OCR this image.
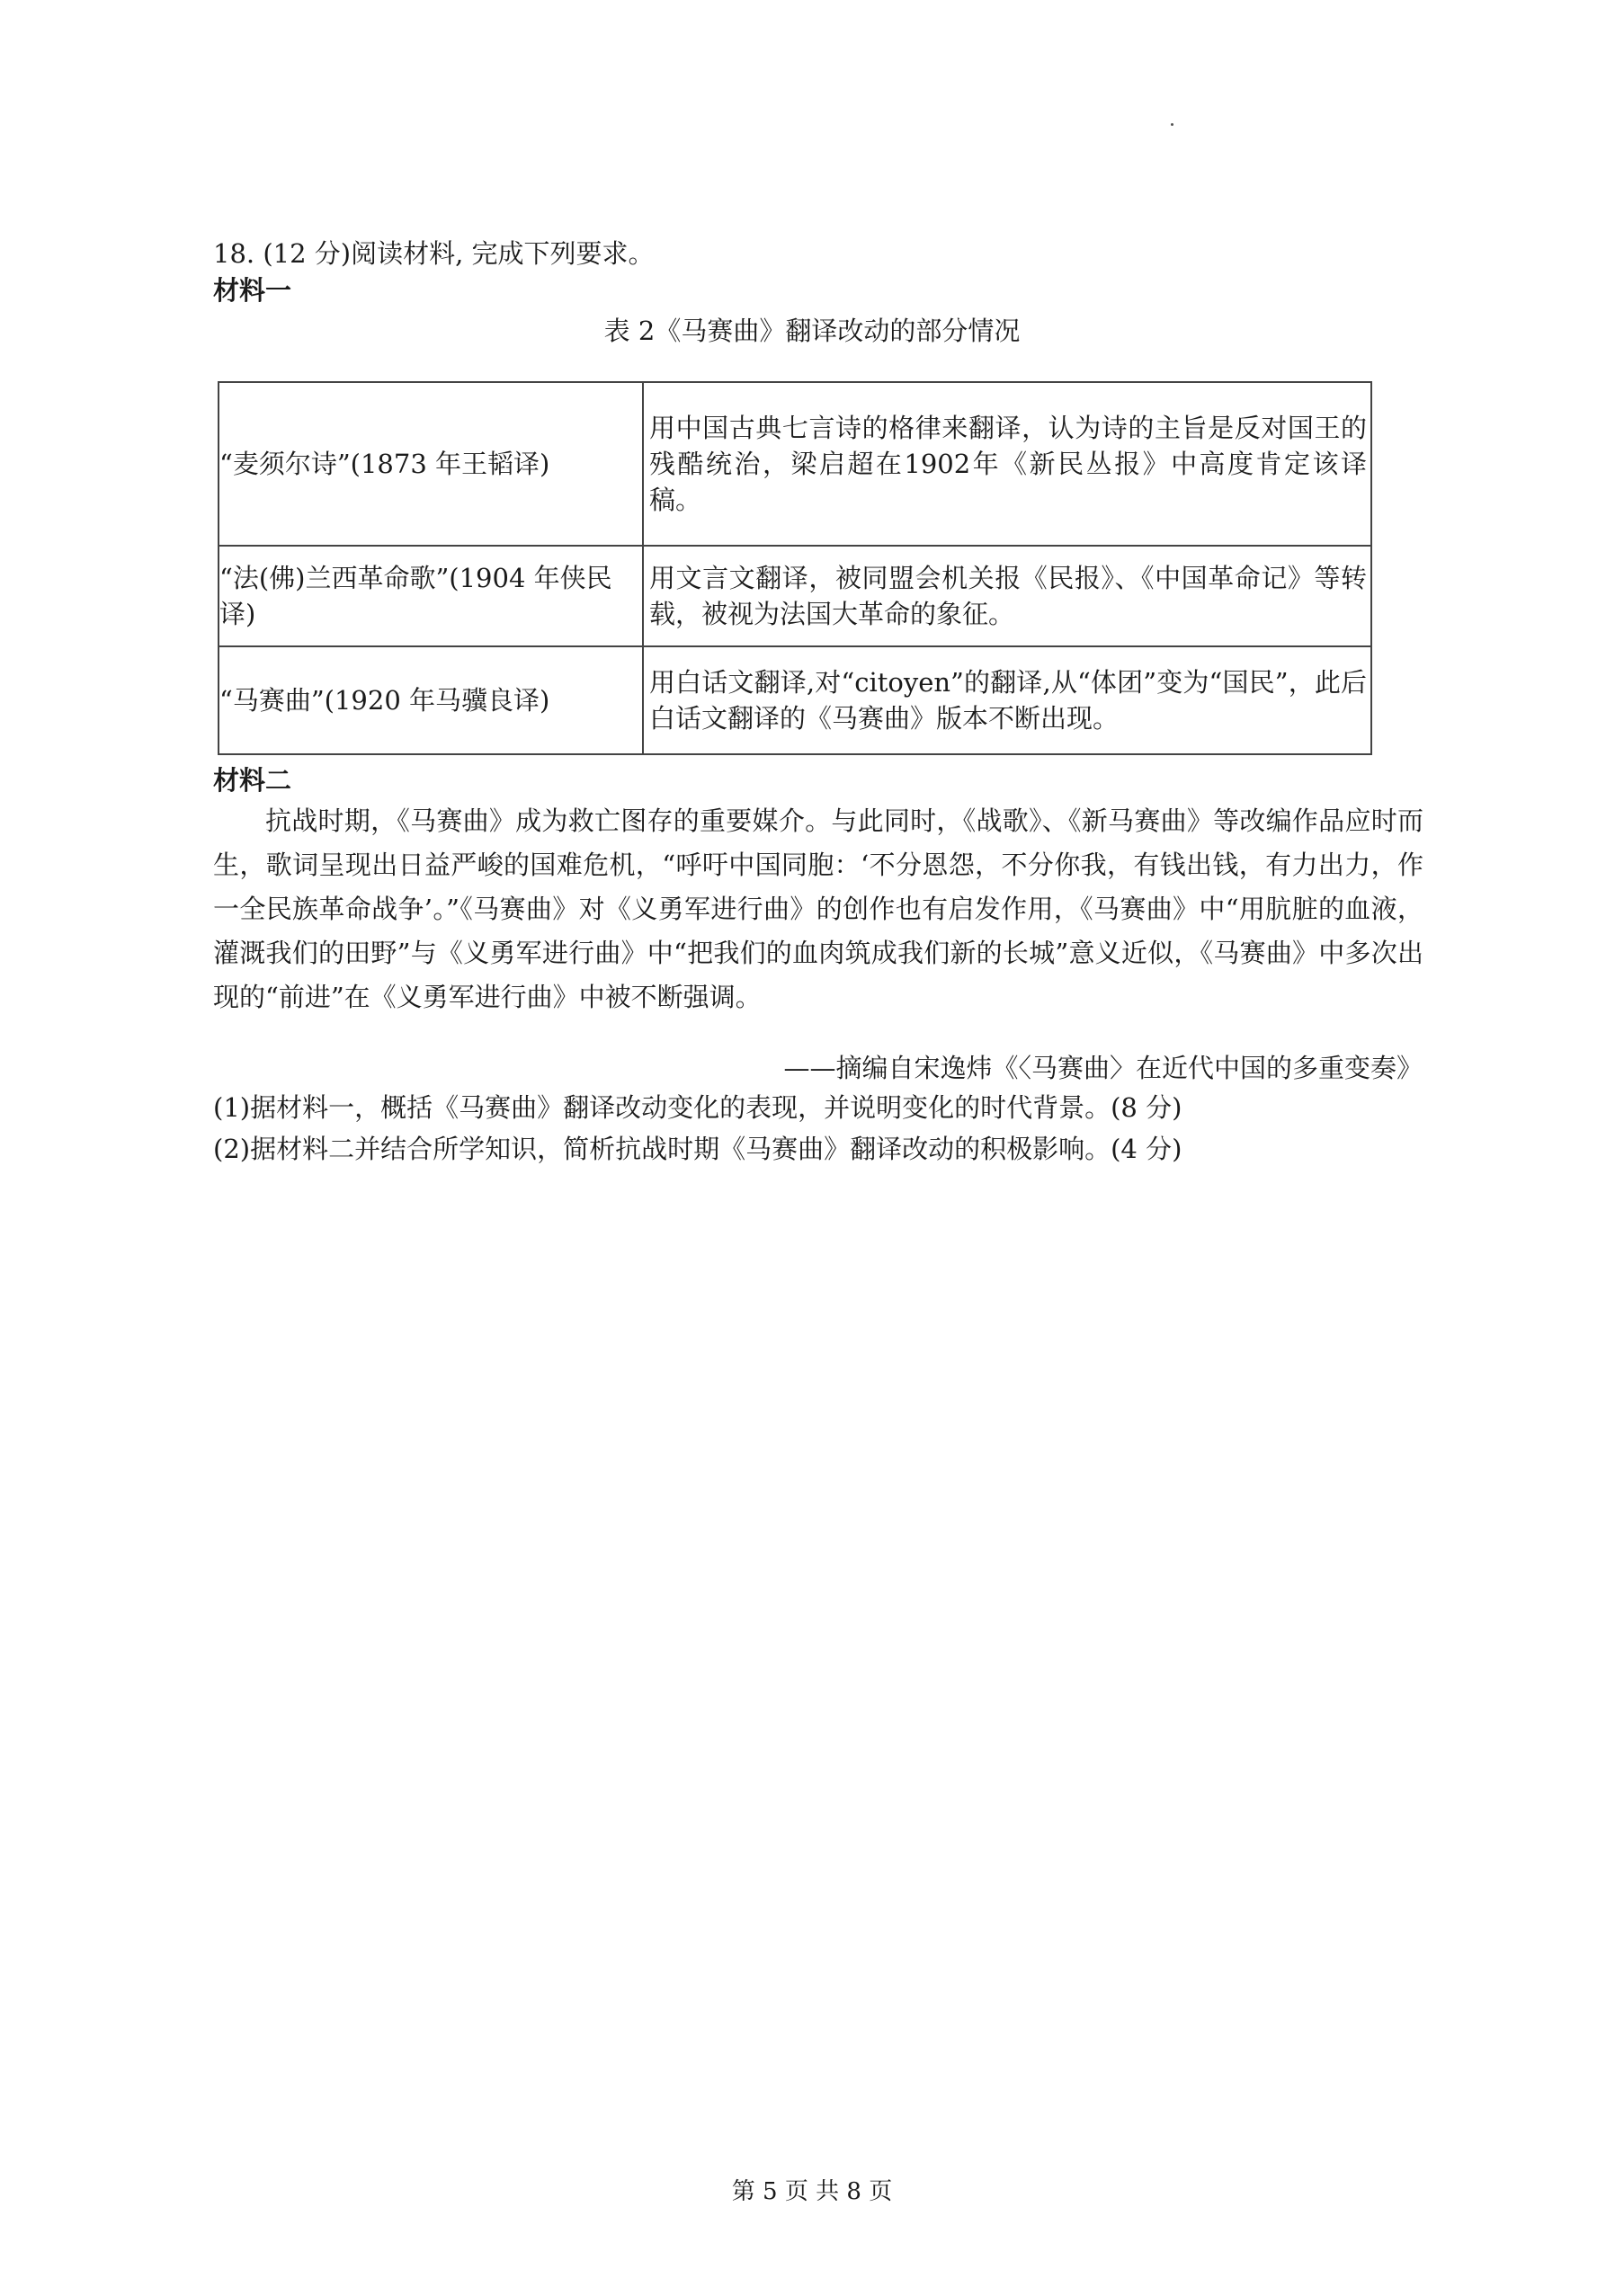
18. (12 分)阅读材料, 完成下列要求。
材料一
表 2《马赛曲》翻译改动的部分情况
“麦须尔诗”(1873 年王韬译)	用中国古典七言诗的格律来翻译，认为诗的主旨是反对国王的残酷统治，梁启超在1902年《新民丛报》中高度肯定该译稿。
“法(佛)兰西革命歌”(1904 年侠民译)	用文言文翻译，被同盟会机关报《民报》、《中国革命记》等转载，被视为法国大革命的象征。
“马赛曲”(1920 年马骥良译)	用白话文翻译,对“citoyen”的翻译,从“体团”变为“国民”，此后白话文翻译的《马赛曲》版本不断出现。
材料二

抗战时期，《马赛曲》成为救亡图存的重要媒介。与此同时，《战歌》、《新马赛曲》等改编作品应时而生，歌词呈现出日益严峻的国难危机，“呼吁中国同胞：‘不分恩怨，不分你我，有钱出钱，有力出力，作一全民族革命战争’。”《马赛曲》对《义勇军进行曲》的创作也有启发作用，《马赛曲》中“用肮脏的血液，灌溉我们的田野”与《义勇军进行曲》中“把我们的血肉筑成我们新的长城”意义近似，《马赛曲》中多次出现的“前进”在《义勇军进行曲》中被不断强调。

——摘编自宋逸炜《〈马赛曲〉在近代中国的多重变奏》
(1)据材料一，概括《马赛曲》翻译改动变化的表现，并说明变化的时代背景。(8 分)
(2)据材料二并结合所学知识，简析抗战时期《马赛曲》翻译改动的积极影响。(4 分)
第 5 页 共 8 页
